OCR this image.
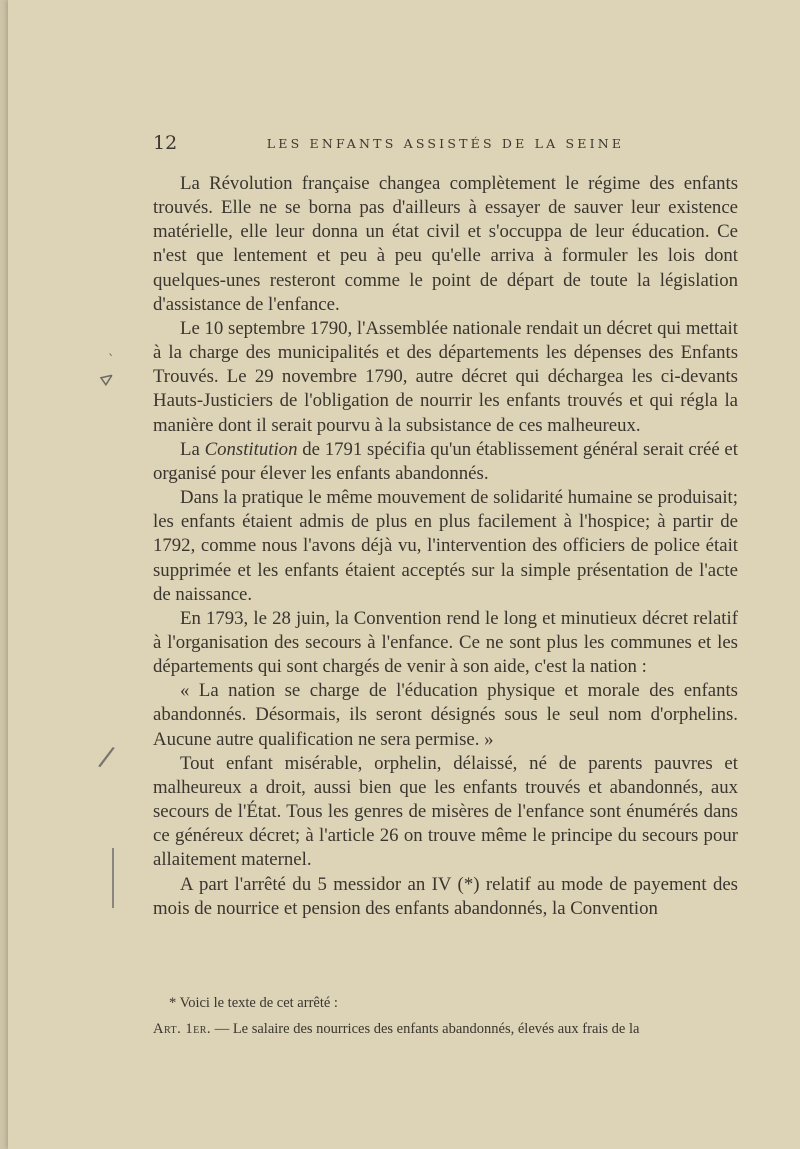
12	LES ENFANTS ASSISTÉS DE LA SEINE

La Révolution française changea complètement le régime des enfants trouvés. Elle ne se borna pas d'ailleurs à essayer de sauver leur existence matérielle, elle leur donna un état civil et s'occuppa de leur éducation. Ce n'est que lentement et peu à peu qu'elle arriva à formuler les lois dont quelques-unes resteront comme le point de départ de toute la législation d'assistance de l'enfance.

Le 10 septembre 1790, l'Assemblée nationale rendait un décret qui mettait à la charge des municipalités et des départements les dépenses des Enfants Trouvés. Le 29 novembre 1790, autre décret qui déchargea les ci-devants Hauts-Justiciers de l'obligation de nourrir les enfants trouvés et qui régla la manière dont il serait pourvu à la subsistance de ces malheureux.

La Constitution de 1791 spécifia qu'un établissement général serait créé et organisé pour élever les enfants abandonnés.

Dans la pratique le même mouvement de solidarité humaine se produisait; les enfants étaient admis de plus en plus facilement à l'hospice; à partir de 1792, comme nous l'avons déjà vu, l'intervention des officiers de police était supprimée et les enfants étaient acceptés sur la simple présentation de l'acte de naissance.

En 1793, le 28 juin, la Convention rend le long et minutieux décret relatif à l'organisation des secours à l'enfance. Ce ne sont plus les communes et les départements qui sont chargés de venir à son aide, c'est la nation :

« La nation se charge de l'éducation physique et morale des enfants abandonnés. Désormais, ils seront désignés sous le seul nom d'orphelins. Aucune autre qualification ne sera permise. »

Tout enfant misérable, orphelin, délaissé, né de parents pauvres et malheureux a droit, aussi bien que les enfants trouvés et abandonnés, aux secours de l'État. Tous les genres de misères de l'enfance sont énumérés dans ce généreux décret; à l'article 26 on trouve même le principe du secours pour allaitement maternel.

A part l'arrêté du 5 messidor an IV (*) relatif au mode de payement des mois de nourrice et pension des enfants abandonnés, la Convention

* Voici le texte de cet arrêté :

Art. 1er. — Le salaire des nourrices des enfants abandonnés, élevés aux frais de la

ˎ
⊳
/
